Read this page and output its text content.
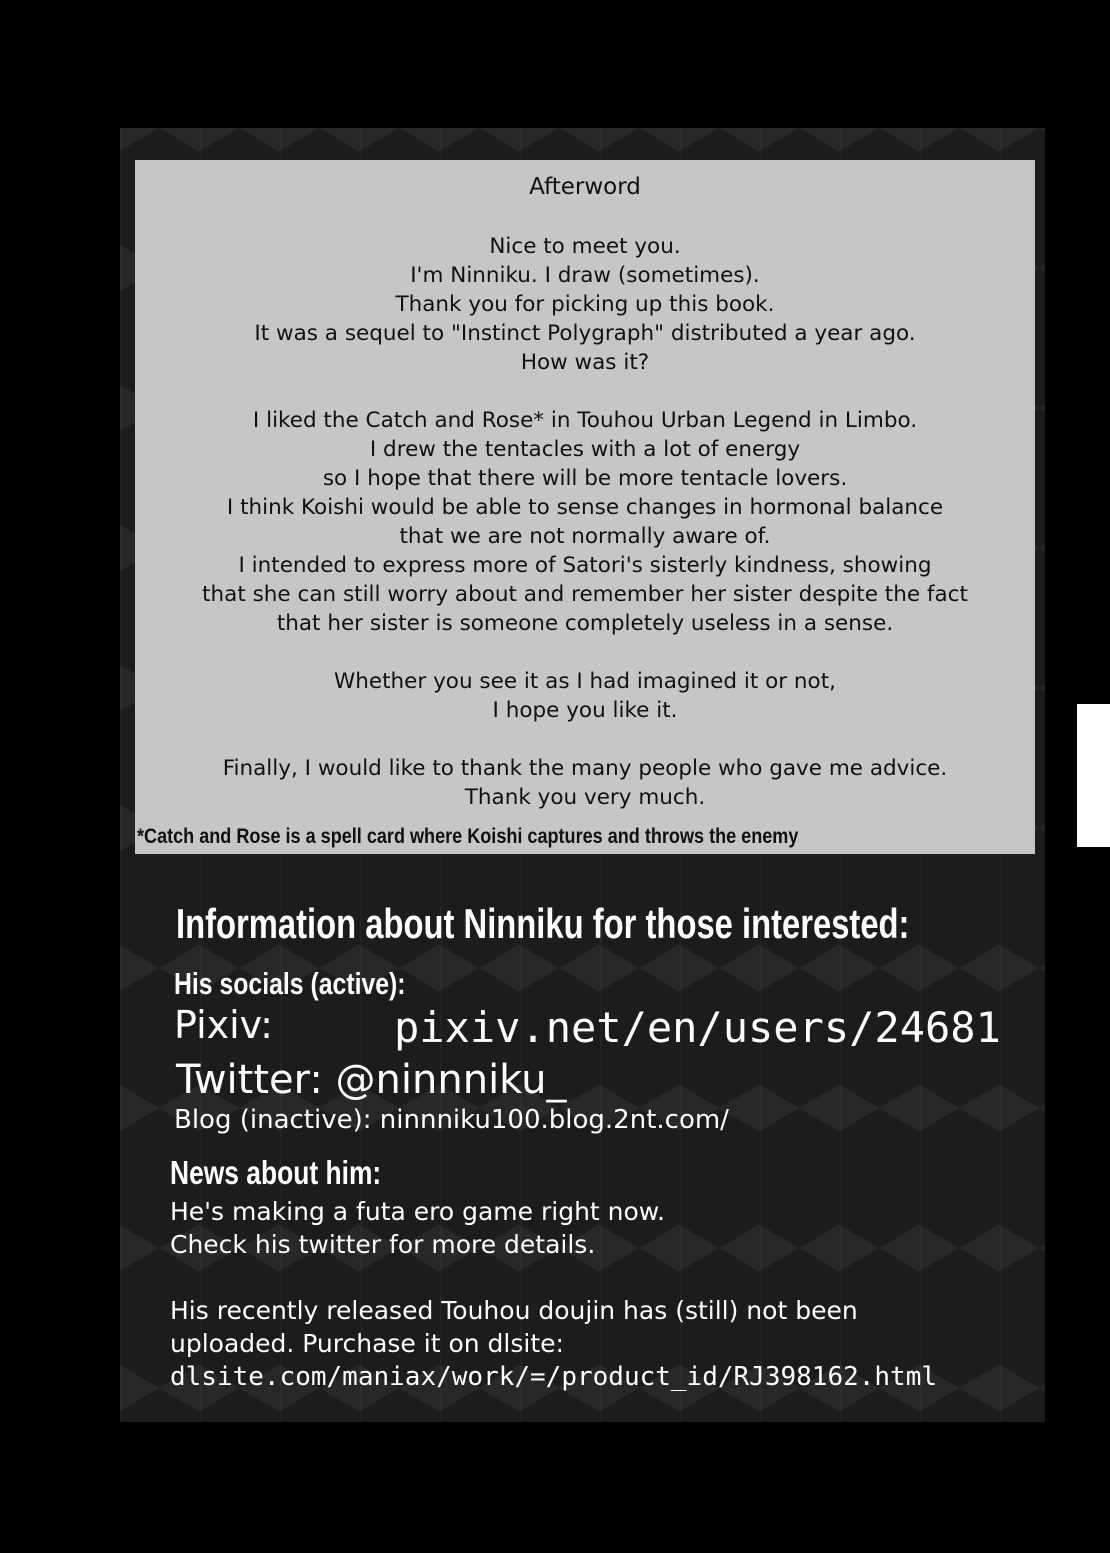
Afterword
Nice to meet you.
I'm Ninniku. I draw (sometimes).
Thank you for picking up this book.
It was a sequel to "Instinct Polygraph" distributed a year ago.
How was it?
I liked the Catch and Rose* in Touhou Urban Legend in Limbo.
I drew the tentacles with a lot of energy
so I hope that there will be more tentacle lovers.
I think Koishi would be able to sense changes in hormonal balance
that we are not normally aware of.
I intended to express more of Satori's sisterly kindness, showing
that she can still worry about and remember her sister despite the fact
that her sister is someone completely useless in a sense.
Whether you see it as I had imagined it or not,
I hope you like it.
Finally, I would like to thank the many people who gave me advice.
Thank you very much.
*Catch and Rose is a spell card where Koishi captures and throws the enemy
Information about Ninniku for those interested:
His socials (active):
Pixiv:	pixiv.net/en/users/24681
Twitter: @ninnniku_
Blog (inactive): ninnniku100.blog.2nt.com/
News about him:
He's making a futa ero game right now.
Check his twitter for more details.
His recently released Touhou doujin has (still) not been
uploaded. Purchase it on dlsite:
dlsite.com/maniax/work/=/product_id/RJ398162.html
